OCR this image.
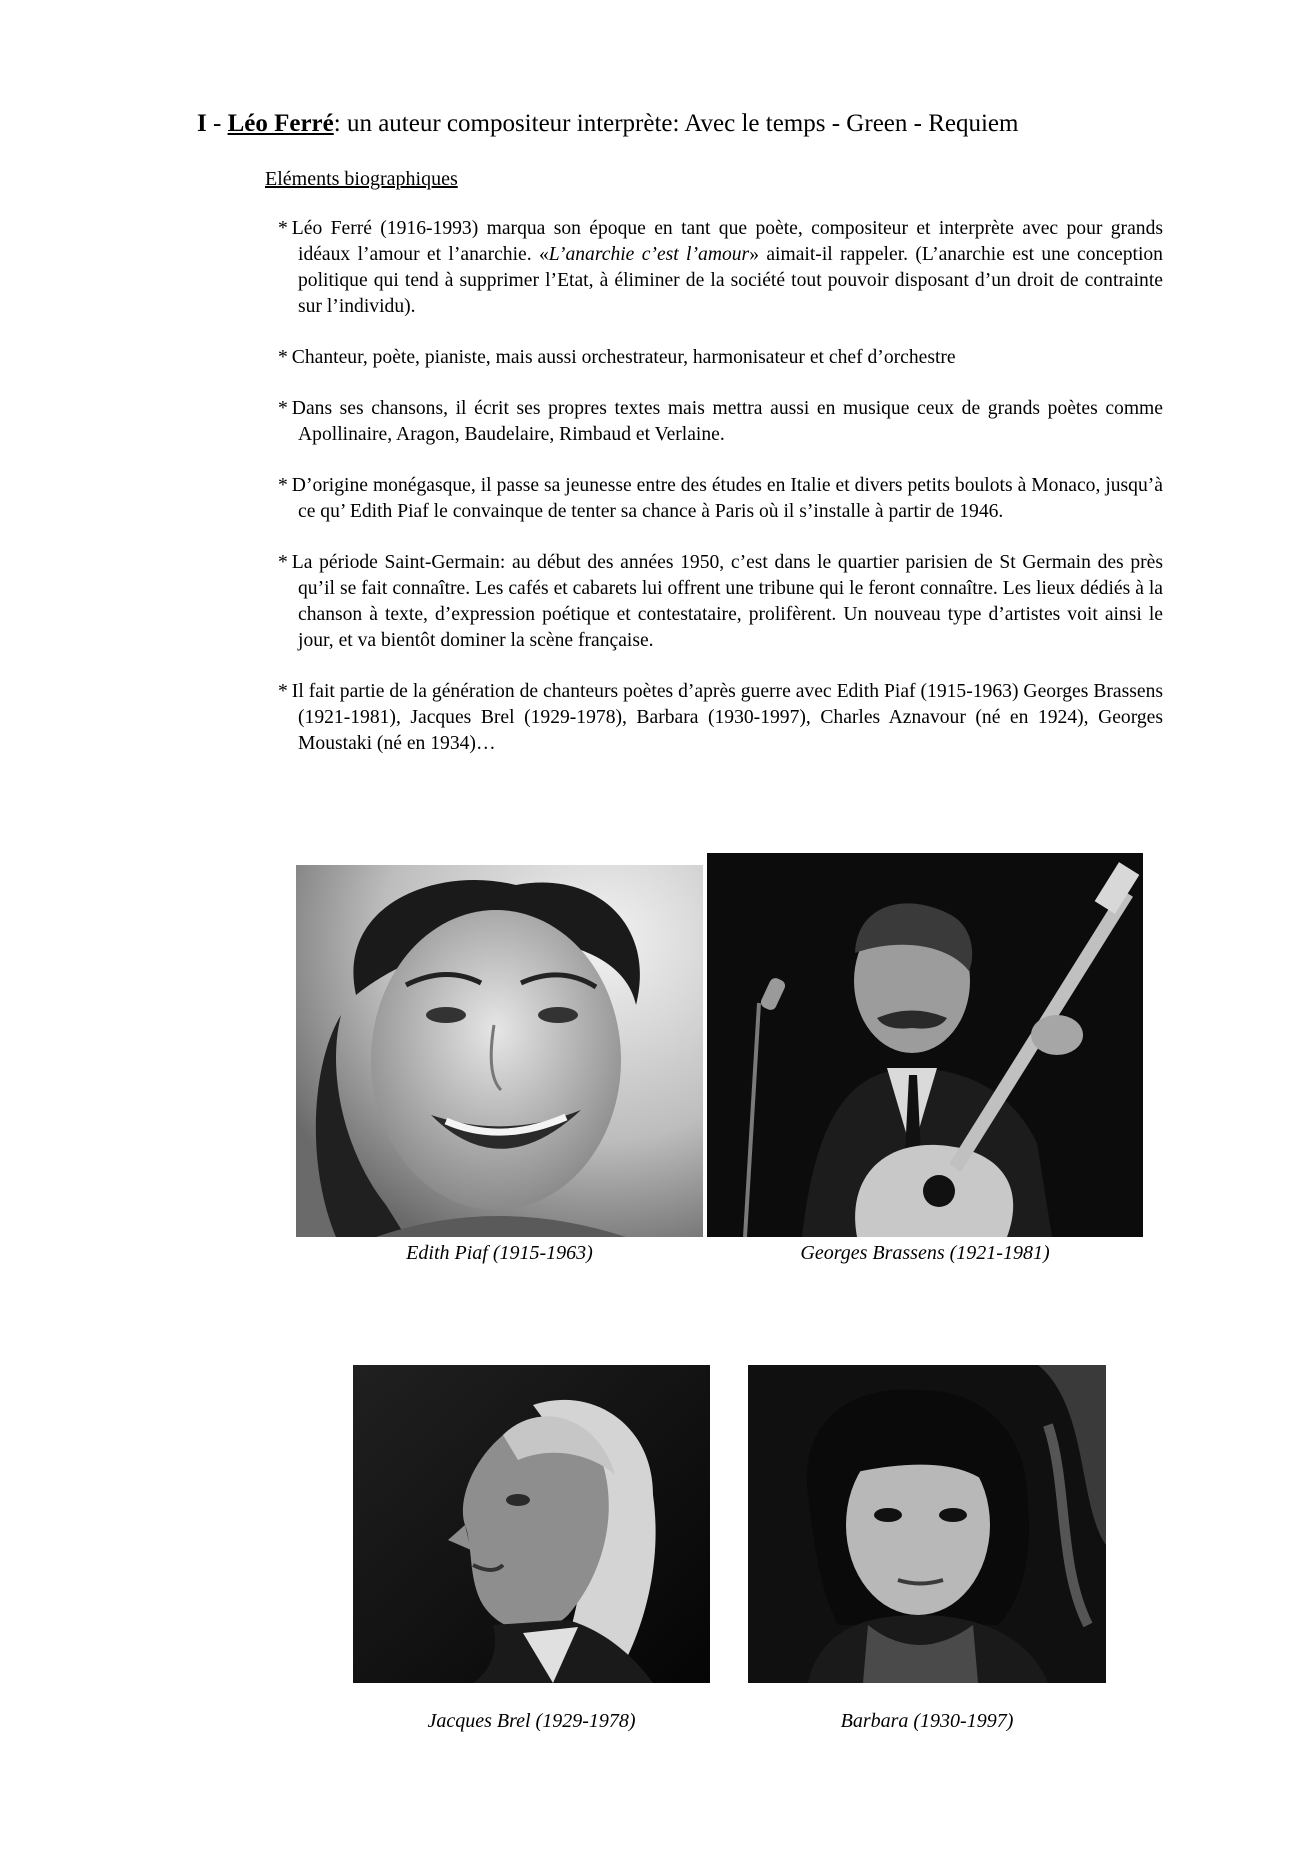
I - Léo Ferré: un auteur compositeur interprète: Avec le temps - Green - Requiem
Eléments biographiques

* Léo Ferré (1916-1993) marqua son époque en tant que poète, compositeur et interprète avec pour grands idéaux l’amour et l’anarchie. «L’anarchie c’est l’amour» aimait-il rappeler. (L’anarchie est une conception politique qui tend à supprimer l’Etat, à éliminer de la société tout pouvoir disposant d’un droit de contrainte sur l’individu).

* Chanteur, poète, pianiste, mais aussi orchestrateur, harmonisateur et chef d’orchestre

* Dans ses chansons, il écrit ses propres textes mais mettra aussi en musique ceux de grands poètes comme Apollinaire, Aragon, Baudelaire, Rimbaud et Verlaine.

* D’origine monégasque, il passe sa jeunesse entre des études en Italie et divers petits boulots à Monaco, jusqu’à ce qu’ Edith Piaf le convainque de tenter sa chance à Paris où il s’installe à partir de 1946.

* La période Saint-Germain: au début des années 1950, c’est dans le quartier parisien de St Germain des près qu’il se fait connaître. Les cafés et cabarets lui offrent une tribune qui le feront connaître. Les lieux dédiés à la chanson à texte, d’expression poétique et contestataire, prolifèrent. Un nouveau type d’artistes voit ainsi le jour, et va bientôt dominer la scène française.

* Il fait partie de la génération de chanteurs poètes d’après guerre avec Edith Piaf (1915-1963) Georges Brassens (1921-1981), Jacques Brel (1929-1978), Barbara (1930-1997), Charles Aznavour (né en 1924), Georges Moustaki (né en 1934)…

Edith Piaf (1915-1963)	Georges Brassens (1921-1981)
Jacques Brel (1929-1978)	Barbara (1930-1997)
